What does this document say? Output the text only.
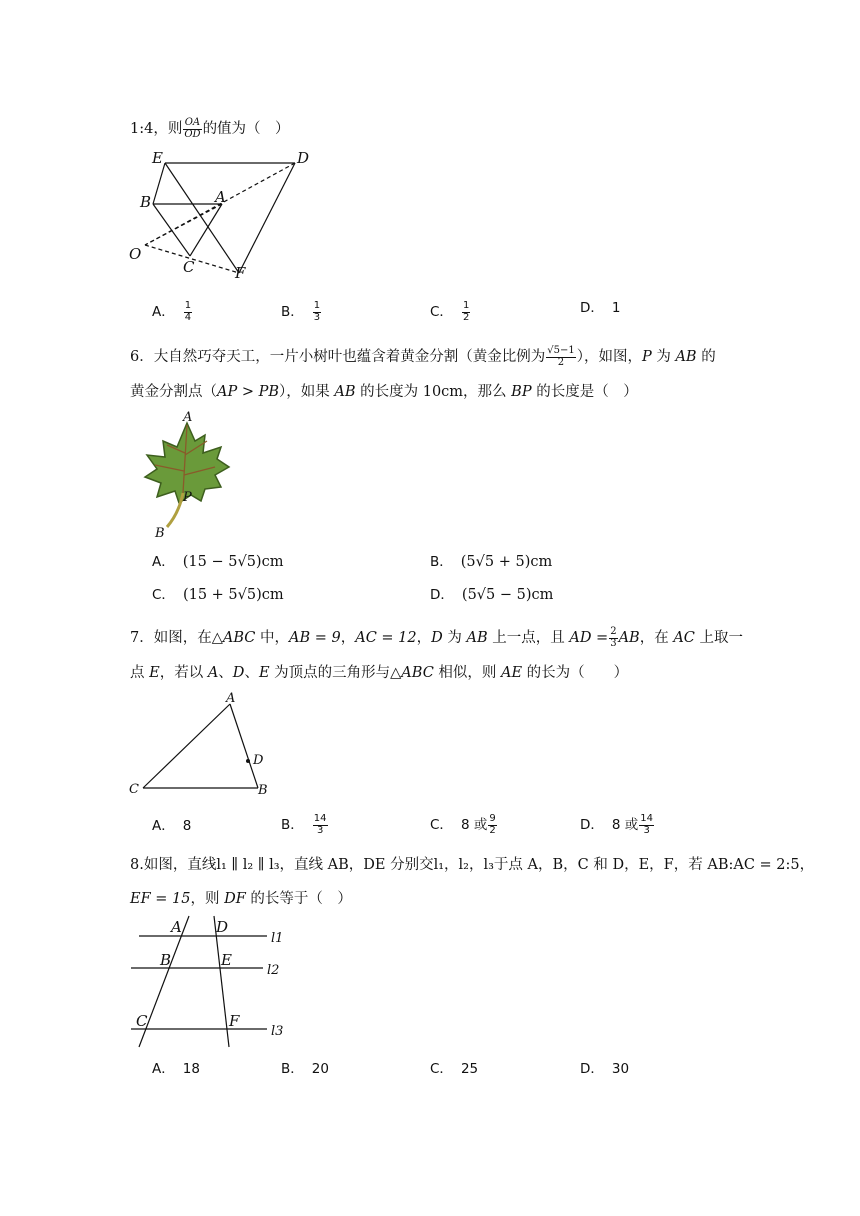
1:4，则 $\frac{OA}{OD}$ 的值为（　）
E	D
B	A
O
C	F
A． $\frac{1}{4}$	B． $\frac{1}{3}$	C． $\frac{1}{2}$	D． 1
6．大自然巧夺天工，一片小树叶也蕴含着黄金分割（黄金比例为 $\frac{√5-1}{2}$ ），如图，P 为 AB 的
黄金分割点（AP > PB），如果 AB 的长度为 10cm，那么 BP 的长度是（　）
A
P
B
A． (15 − 5√5)cm	B． (5√5 + 5)cm
C． (15 + 5√5)cm	D． (5√5 − 5)cm
7．如图，在△ABC 中，AB = 9，AC = 12，D 为 AB 上一点，且 AD = $\frac{2}{3}$ AB，在 AC 上取一
点 E，若以 A、D、E 为顶点的三角形与△ABC 相似，则 AE 的长为（　　）
A
D
C	B
A． 8	B． $\frac{14}{3}$	C． 8 或 $\frac{9}{2}$	D． 8 或 $\frac{14}{3}$
8.如图，直线l₁ ∥ l₂ ∥ l₃，直线 AB，DE 分别交l₁，l₂，l₃于点 A，B，C 和 D，E，F，若 AB:AC = 2:5，
EF = 15，则 DF 的长等于（　）
A D
l1
B	E
l2
C	F
l3
A． 18	B． 20	C． 25	D． 30
